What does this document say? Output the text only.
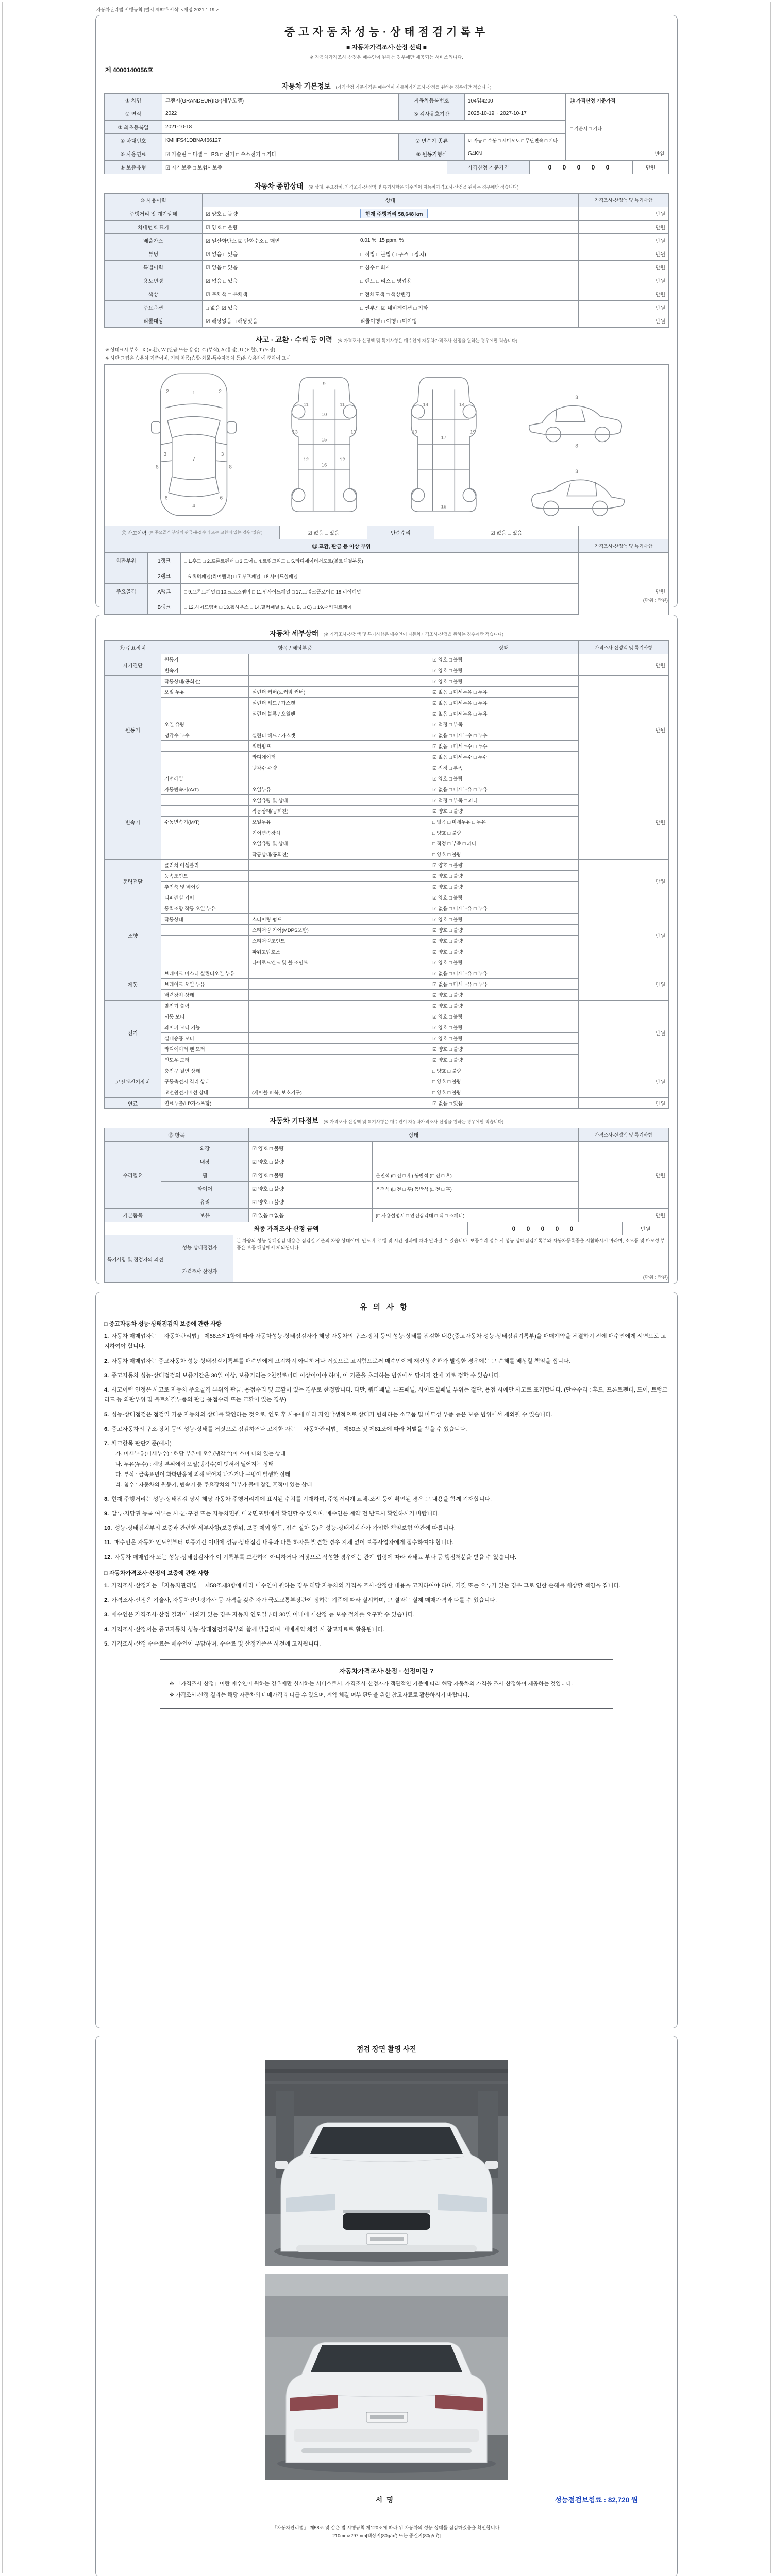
자동차관리법 시행규칙 [별지 제82호서식] <개정 2021.1.19.>
중고자동차성능·상태점검기록부
■ 자동차가격조사·산정 선택 ■
※ 자동차가격조사·산정은 매수인이 원하는 경우에만 제공되는 서비스입니다.
제 4000140056호
자동차 기본정보 (가격산정 기준가격은 매수인이 자동차가격조사·산정을 원하는 경우에만 적습니다)
① 차명	그랜저(GRANDEUR)IG-(세부모델)	자동차등록번호	104엽4200
② 연식	2022	⑤ 검사유효기간	2025-10-19 ~ 2027-10-17
③ 최초등록일	2021-10-18
④ 차대번호	KMHFS41DBNA466127	⑦ 변속기 종류	☑ 자동 □ 수동 □ 세미오토 □ 무단변속 □ 기타
⑥ 사용연료	☑ 가솔린 □ 디젤 □ LPG □ 전기 □ 수소전기 □ 기타	⑧ 원동기형식	G4KN
⑪ 가격산정 기준가격
□ 기준서 □ 기타
만원
⑨ 보증유형	☑ 자가보증 □ 보험사보증	가격산정 기준가격	0 0 0 0 0	만원
자동차 종합상태 (※ 상태, 주요장치, 가격조사·산정액 및 특기사항은 매수인이 자동차가격조사·산정을 원하는 경우에만 적습니다)
⑩ 사용이력	상태	가격조사·산정액 및 특기사항
주행거리 및 계기상태	☑ 양호 □ 불량	현재 주행거리 58,648 km	만원
차대번호 표기	☑ 양호 □ 불량	만원
배출가스	☑ 일산화탄소 ☑ 탄화수소 □ 매연	0.01 %, 15 ppm, %	만원
튜닝	☑ 없음 □ 있음	□ 적법 □ 불법 (□ 구조 □ 장치)	만원
특별이력	☑ 없음 □ 있음	□ 침수 □ 화재	만원
용도변경	☑ 없음 □ 있음	□ 렌트 □ 리스 □ 영업용	만원
색상	☑ 무채색 □ 유채색	□ 전체도색 □ 색상변경	만원
주요옵션	□ 없음 ☑ 있음	□ 썬루프 ☑ 네비게이션 □ 기타	만원
리콜대상	☑ 해당없음 □ 해당있음	리콜이행 □ 이행 □ 미이행	만원
사고 · 교환 · 수리 등 이력 (※ 가격조사·산정액 및 특기사항은 매수인이 자동차가격조사·산정을 원하는 경우에만 적습니다)
※ 상태표시 부호 : X (교환), W (판금 또는 용접), C (부식), A (흠집), U (요철), T (도장)
※ 하단 그림은 승용차 기준이며, 기타 차종(승합·화물·특수자동차 등)은 승용차에 준하여 표시
1
2	2
3	3
4
6	6
7
8	8
9
10
11	11
12	12
13	13
15
16
14	14
17
18
19	19
3
8
3
⑫ 사고이력 (※ 주요골격 부위의 판금·용접수리 또는 교환이 있는 경우 '있음')	☑ 없음 □ 있음	단순수리	☑ 없음 □ 있음
⑬ 교환, 판금 등 이상 부위	가격조사·산정액 및 특기사항
외판부위	1랭크	□ 1.후드 □ 2.프론트펜더 □ 3.도어 □ 4.트렁크리드 □ 5.라디에이터서포트(볼트체결부품)
2랭크	□ 6.쿼터패널(리어펜더) □ 7.루프패널 □ 8.사이드실패널
주요골격	A랭크	□ 9.프론트패널 □ 10.크로스멤버 □ 11.인사이드패널 □ 17.트렁크플로어 □ 18.리어패널
B랭크	□ 12.사이드멤버 □ 13.휠하우스 □ 14.필러패널 (□ A, □ B, □ C) □ 19.패키지트레이
만원
(단위 : 만원)
자동차 세부상태 (※ 가격조사·산정액 및 특기사항은 매수인이 자동차가격조사·산정을 원하는 경우에만 적습니다)
⑭ 주요장치	항목 / 해당부품	상태	가격조사·산정액 및 특기사항
자기진단
원동기	☑ 양호 □ 불량
변속기	☑ 양호 □ 불량
만원
원동기
작동상태(공회전)	☑ 양호 □ 불량
오일 누유	실린더 커버(로커암 커버)	☑ 없음 □ 미세누유 □ 누유
실린더 헤드 / 가스켓	☑ 없음 □ 미세누유 □ 누유
실린더 블록 / 오일팬	☑ 없음 □ 미세누유 □ 누유
오일 유량	☑ 적정 □ 부족
냉각수 누수	실린더 헤드 / 가스켓	☑ 없음 □ 미세누수 □ 누수
워터펌프	☑ 없음 □ 미세누수 □ 누수
라디에이터	☑ 없음 □ 미세누수 □ 누수
냉각수 수량	☑ 적정 □ 부족
커먼레일	☑ 양호 □ 불량
만원
변속기
자동변속기(A/T)	오일누유	☑ 없음 □ 미세누유 □ 누유
오일유량 및 상태	☑ 적정 □ 부족 □ 과다
작동상태(공회전)	☑ 양호 □ 불량
수동변속기(M/T)	오일누유	□ 없음 □ 미세누유 □ 누유
기어변속장치	□ 양호 □ 불량
오일유량 및 상태	□ 적정 □ 부족 □ 과다
작동상태(공회전)	□ 양호 □ 불량
만원
동력전달
클러치 어셈블리	☑ 양호 □ 불량
등속조인트	☑ 양호 □ 불량
추진축 및 베어링	☑ 양호 □ 불량
디퍼렌셜 기어	☑ 양호 □ 불량
만원
조향
동력조향 작동 오일 누유	☑ 없음 □ 미세누유 □ 누유
작동상태	스티어링 펌프	☑ 양호 □ 불량
스티어링 기어(MDPS포함)	☑ 양호 □ 불량
스티어링조인트	☑ 양호 □ 불량
파워고압호스	☑ 양호 □ 불량
타이로드엔드 및 볼 조인트	☑ 양호 □ 불량
만원
제동
브레이크 마스터 실린더오일 누유	☑ 없음 □ 미세누유 □ 누유
브레이크 오일 누유	☑ 없음 □ 미세누유 □ 누유
배력장치 상태	☑ 양호 □ 불량
만원
전기
발전기 출력	☑ 양호 □ 불량
시동 모터	☑ 양호 □ 불량
와이퍼 모터 기능	☑ 양호 □ 불량
실내송풍 모터	☑ 양호 □ 불량
라디에이터 팬 모터	☑ 양호 □ 불량
윈도우 모터	☑ 양호 □ 불량
만원
고전원전기장치
충전구 절연 상태	□ 양호 □ 불량
구동축전지 격리 상태	□ 양호 □ 불량
고전원전기배선 상태	(케이블 피복, 보호기구)	□ 양호 □ 불량
만원
연료	연료누출(LP가스포함)	☑ 없음 □ 있음	만원
자동차 기타정보 (※ 가격조사·산정액 및 특기사항은 매수인이 자동차가격조사·산정을 원하는 경우에만 적습니다)
⑮ 항목	상태	가격조사·산정액 및 특기사항
수리필요
외장	☑ 양호 □ 불량
내장	☑ 양호 □ 불량
휠	☑ 양호 □ 불량	운전석 (□ 전 □ 후) 동반석 (□ 전 □ 후)
타이어	☑ 양호 □ 불량	운전석 (□ 전 □ 후) 동반석 (□ 전 □ 후)
유리	☑ 양호 □ 불량
만원
기본품목	보유	☑ 있음 □ 없음	(□ 사용설명서 □ 안전삼각대 □ 잭 □ 스패너)	만원
최종 가격조사·산정 금액	0 0 0 0 0	만원
특기사항 및 점검자의 의견
성능·상태점검자
본 차량의 성능·상태점검 내용은 점검일 기준의 차량 상태이며, 인도 후 주행 및 시간 경과에 따라 달라질 수 있습니다. 보증수리 접수 시 성능·상태점검기록부와 자동차등록증을 지참하시기 바라며, 소모품 및 마모성 부품은 보증 대상에서 제외됩니다.
가격조사·산정자
(단위 : 만원)
유의사항
□ 중고자동차 성능·상태점검의 보증에 관한 사항
1. 자동차 매매업자는 「자동차관리법」 제58조제1항에 따라 자동차성능·상태점검자가 해당 자동차의 구조·장치 등의 성능·상태를 점검한 내용(중고자동차 성능·상태점검기록부)을 매매계약을 체결하기 전에 매수인에게 서면으로 고지하여야 합니다.
2. 자동차 매매업자는 중고자동차 성능·상태점검기록부를 매수인에게 고지하지 아니하거나 거짓으로 고지함으로써 매수인에게 재산상 손해가 발생한 경우에는 그 손해를 배상할 책임을 집니다.
3. 중고자동차 성능·상태점검의 보증기간은 30일 이상, 보증거리는 2천킬로미터 이상이어야 하며, 이 기준을 초과하는 범위에서 당사자 간에 따로 정할 수 있습니다.
4. 사고이력 인정은 사고로 자동차 주요골격 부위의 판금, 용접수리 및 교환이 있는 경우로 한정합니다. 다만, 쿼터패널, 루프패널, 사이드실패널 부위는 절단, 용접 시에만 사고로 표기합니다. (단순수리 : 후드, 프론트펜더, 도어, 트렁크리드 등 외판부위 및 볼트체결부품의 판금·용접수리 또는 교환이 있는 경우)
5. 성능·상태점검은 점검일 기준 자동차의 상태를 확인하는 것으로, 인도 후 사용에 따라 자연발생적으로 상태가 변화하는 소모품 및 마모성 부품 등은 보증 범위에서 제외될 수 있습니다.
6. 중고자동차의 구조·장치 등의 성능·상태를 거짓으로 점검하거나 고지한 자는 「자동차관리법」 제80조 및 제81조에 따라 처벌을 받을 수 있습니다.
7. 체크항목 판단기준(예시)
가. 미세누유(미세누수) : 해당 부위에 오일(냉각수)이 스며 나와 있는 상태
나. 누유(누수) : 해당 부위에서 오일(냉각수)이 맺혀서 떨어지는 상태
다. 부식 : 금속표면이 화학반응에 의해 떨어져 나가거나 구멍이 발생한 상태
라. 침수 : 자동차의 원동기, 변속기 등 주요장치의 일부가 물에 잠긴 흔적이 있는 상태
8. 현재 주행거리는 성능·상태점검 당시 해당 자동차 주행거리계에 표시된 수치를 기재하며, 주행거리계 교체·조작 등이 확인된 경우 그 내용을 함께 기재합니다.
9. 압류·저당권 등록 여부는 시·군·구청 또는 자동차민원 대국민포털에서 확인할 수 있으며, 매수인은 계약 전 반드시 확인하시기 바랍니다.
10. 성능·상태점검부의 보증과 관련한 세부사항(보증범위, 보증 제외 항목, 접수 절차 등)은 성능·상태점검자가 가입한 책임보험 약관에 따릅니다.
11. 매수인은 자동차 인도일부터 보증기간 이내에 성능·상태점검 내용과 다른 하자를 발견한 경우 지체 없이 보증사업자에게 접수하여야 합니다.
12. 자동차 매매업자 또는 성능·상태점검자가 이 기록부를 보관하지 아니하거나 거짓으로 작성한 경우에는 관계 법령에 따라 과태료 부과 등 행정처분을 받을 수 있습니다.
□ 자동차가격조사·산정의 보증에 관한 사항
1. 가격조사·산정자는 「자동차관리법」 제58조제3항에 따라 매수인이 원하는 경우 해당 자동차의 가격을 조사·산정한 내용을 고지하여야 하며, 거짓 또는 오류가 있는 경우 그로 인한 손해를 배상할 책임을 집니다.
2. 가격조사·산정은 기술사, 자동차진단평가사 등 자격을 갖춘 자가 국토교통부장관이 정하는 기준에 따라 실시하며, 그 결과는 실제 매매가격과 다를 수 있습니다.
3. 매수인은 가격조사·산정 결과에 이의가 있는 경우 자동차 인도일부터 30일 이내에 재산정 등 보증 절차를 요구할 수 있습니다.
4. 가격조사·산정서는 중고자동차 성능·상태점검기록부와 함께 발급되며, 매매계약 체결 시 참고자료로 활용됩니다.
5. 가격조사·산정 수수료는 매수인이 부담하며, 수수료 및 산정기준은 사전에 고지됩니다.
자동차가격조사·산정 · 선정이란 ?
※ 「가격조사·산정」이란 매수인이 원하는 경우에만 실시하는 서비스로서, 가격조사·산정자가 객관적인 기준에 따라 해당 자동차의 가격을 조사·산정하여 제공하는 것입니다.
※ 가격조사·산정 결과는 해당 자동차의 매매가격과 다를 수 있으며, 계약 체결 여부 판단을 위한 참고자료로 활용하시기 바랍니다.
점검 장면 촬영 사진
서명	성능점검보험료 : 82,720 원
「자동차관리법」 제58조 및 같은 법 시행규칙 제120조에 따라 위 자동차의 성능·상태를 점검하였음을 확인합니다.
210mm×297mm[백상지(80g/㎡) 또는 중질지(80g/㎡)]
